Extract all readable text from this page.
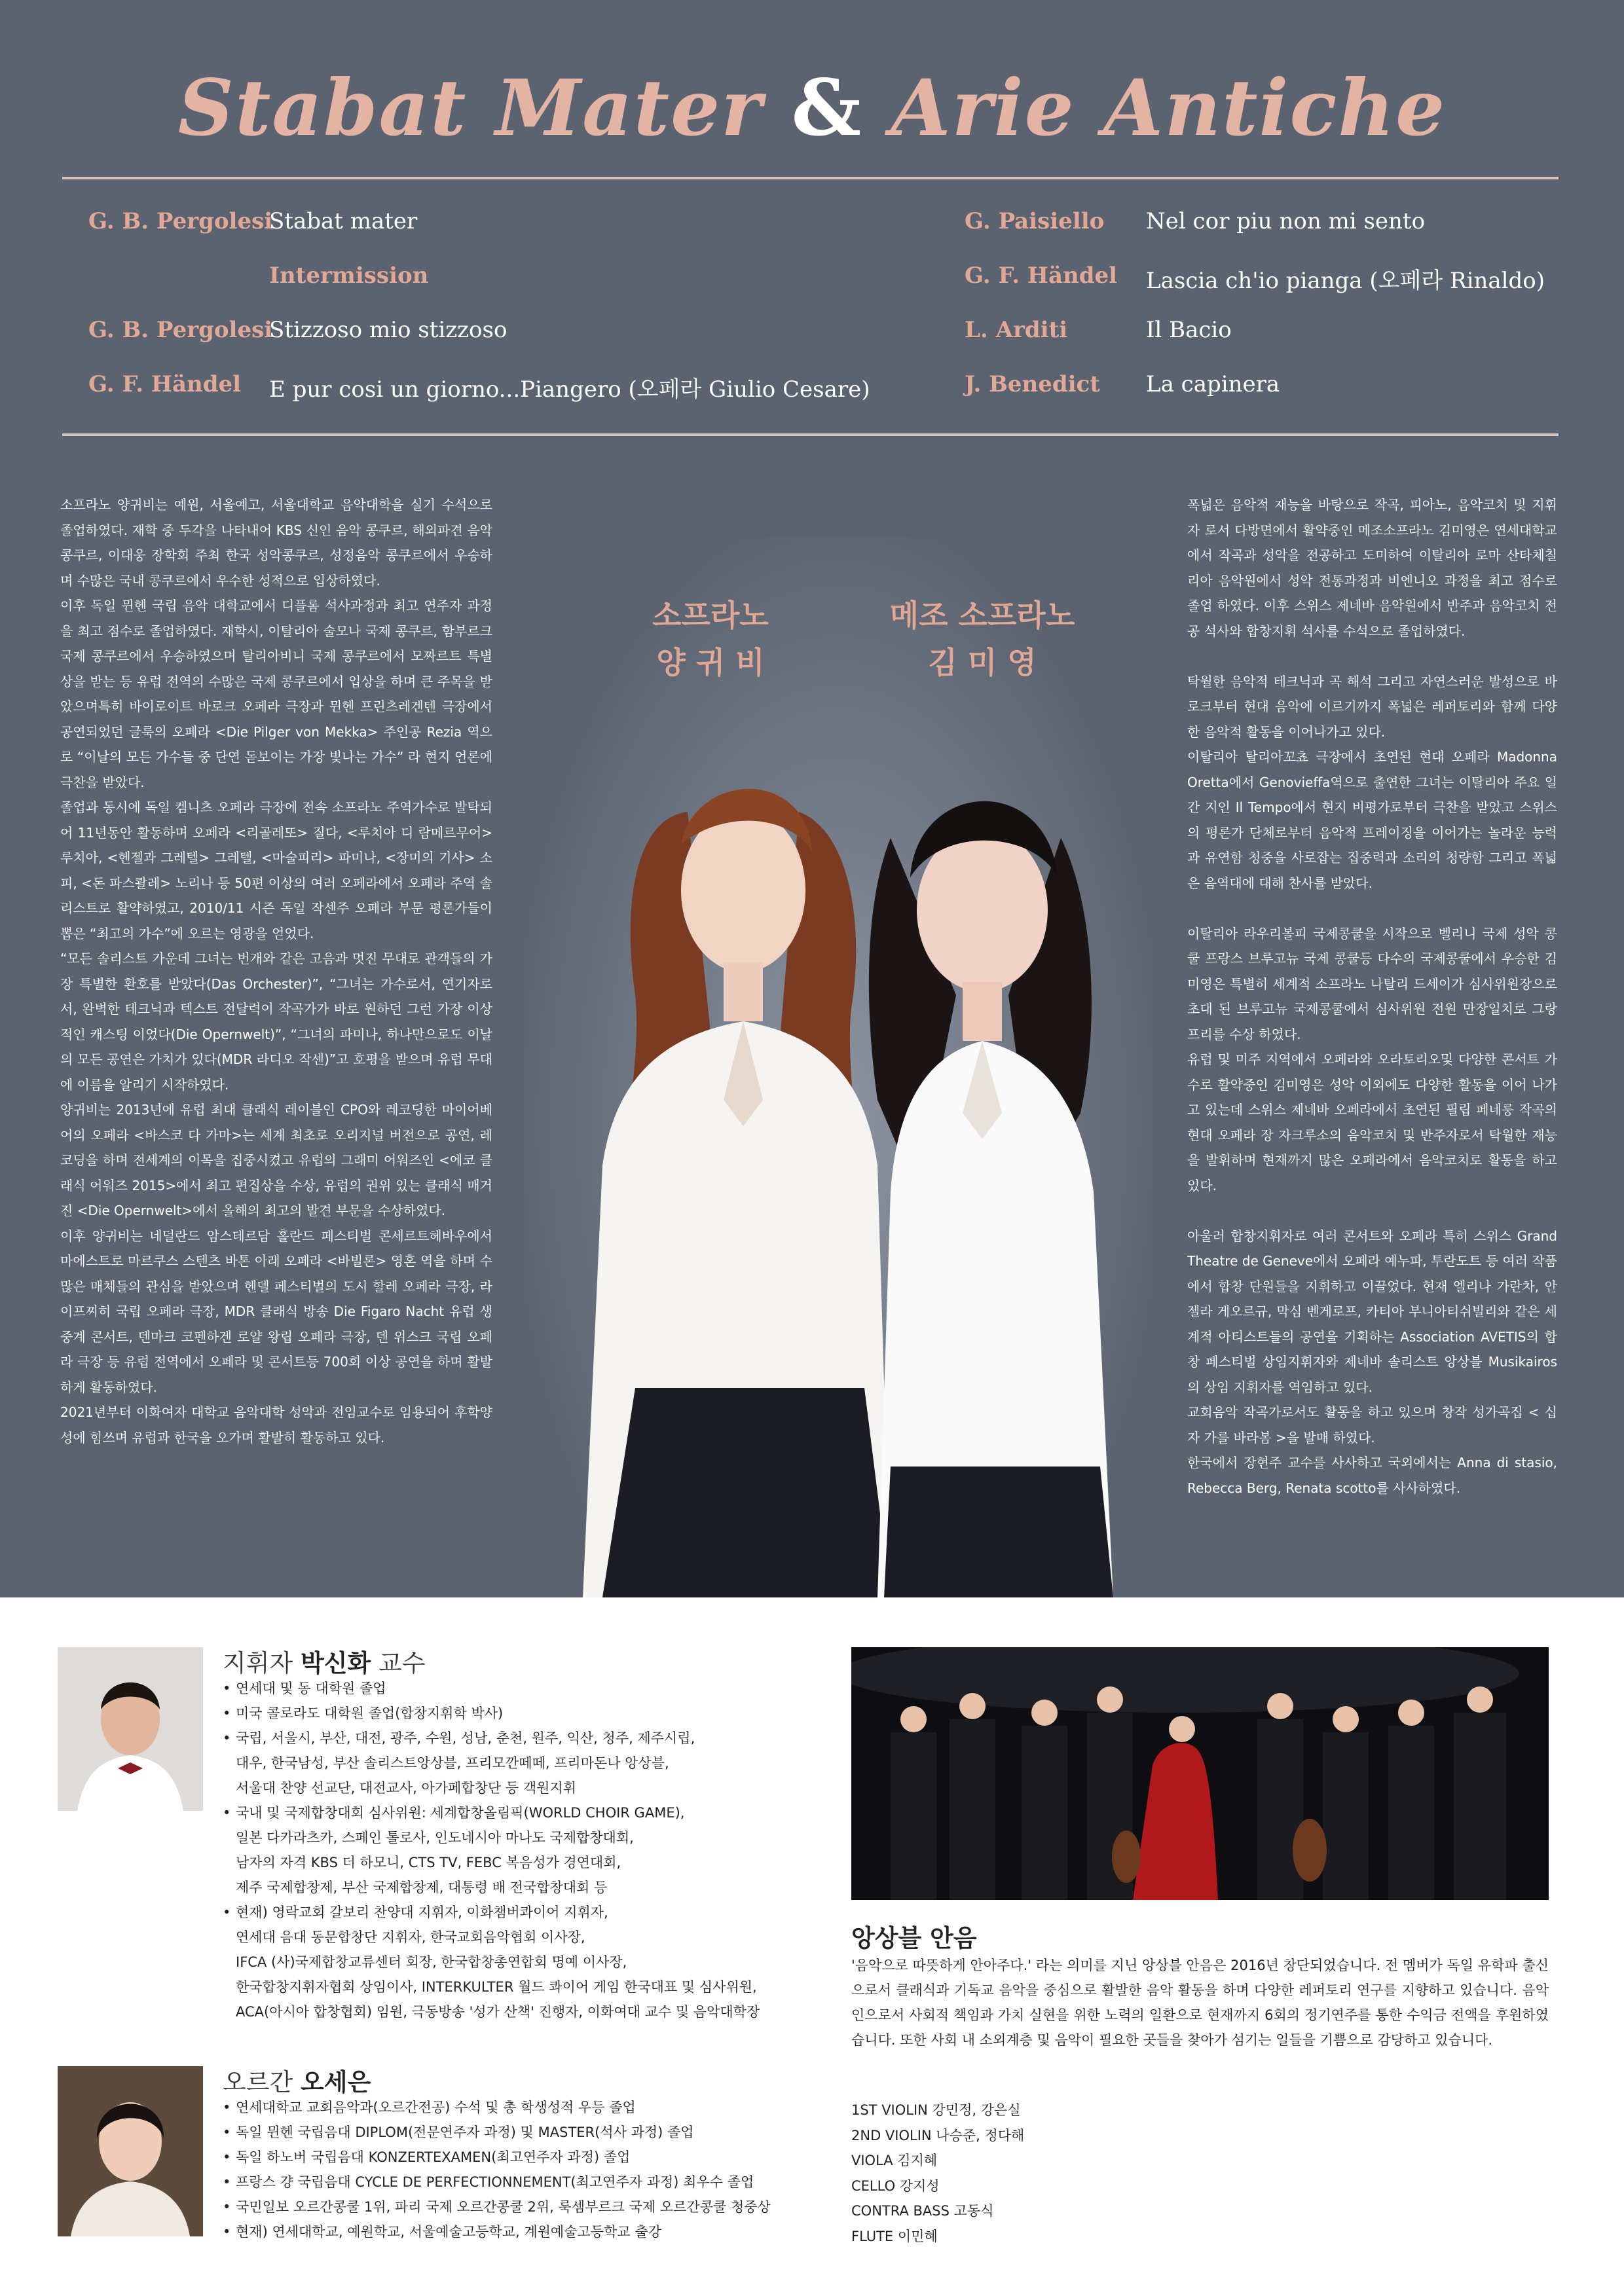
Stabat Mater & Arie Antiche
G. B. Pergolesi
Stabat mater
Intermission
G. B. Pergolesi
Stizzoso mio stizzoso
G. F. Händel E pur cosi un giorno...Piangero (오페라 Giulio Cesare)
G. Paisiello Nel cor piu non mi sento
G. F. Händel Lascia ch'io pianga (오페라 Rinaldo)
L. Arditi	Il Bacio
J. Benedict La capinera
소프라노
양 귀 비
메조 소프라노
김 미 영
소프라노 양귀비는 예원, 서울예고, 서울대학교 음악대학을 실기 수석으로 졸업하였다. 재학 중 두각을 나타내어 KBS 신인 음악 콩쿠르, 해외파견 음악 콩쿠르, 이대웅 장학회 주최 한국 성악콩쿠르, 성정음악 콩쿠르에서 우승하며 수많은 국내 콩쿠르에서 우수한 성적으로 입상하였다.
이후 독일 뮌헨 국립 음악 대학교에서 디플롬 석사과정과 최고 연주자 과정을 최고 점수로 졸업하였다. 재학시, 이탈리아 술모나 국제 콩쿠르, 함부르크 국제 콩쿠르에서 우승하였으며 탈리아비니 국제 콩쿠르에서 모짜르트 특별상을 받는 등 유럽 전역의 수많은 국제 콩쿠르에서 입상을 하며 큰 주목을 받았으며특히 바이로이트 바로크 오페라 극장과 뮌헨 프린츠레겐텐 극장에서 공연되었던 글룩의 오페라 <Die Pilger von Mekka> 주인공 Rezia 역으로 “이날의 모든 가수들 중 단연 돋보이는 가장 빛나는 가수” 라 현지 언론에 극찬을 받았다.
졸업과 동시에 독일 켐니츠 오페라 극장에 전속 소프라노 주역가수로 발탁되어 11년동안 활동하며 오페라 <리골레또> 질다, <루치아 디 람메르무어> 루치아, <헨젤과 그레텔> 그레텔, <마술피리> 파미나, <장미의 기사> 소피, <돈 파스콸레> 노리나 등 50편 이상의 여러 오페라에서 오페라 주역 솔리스트로 활약하였고, 2010/11 시즌 독일 작센주 오페라 부문 평론가들이 뽑은 “최고의 가수”에 오르는 영광을 얻었다.
“모든 솔리스트 가운데 그녀는 번개와 같은 고음과 멋진 무대로 관객들의 가장 특별한 환호를 받았다(Das Orchester)”, “그녀는 가수로서, 연기자로서, 완벽한 테크닉과 텍스트 전달력이 작곡가가 바로 원하던 그런 가장 이상적인 캐스팅 이었다(Die Opernwelt)”, “그녀의 파미나, 하나만으로도 이날의 모든 공연은 가치가 있다(MDR 라디오 작센)”고 호평을 받으며 유럽 무대에 이름을 알리기 시작하였다.
양귀비는 2013년에 유럽 최대 클래식 레이블인 CPO와 레코딩한 마이어베어의 오페라 <바스코 다 가마>는 세계 최초로 오리지널 버전으로 공연, 레코딩을 하며 전세계의 이목을 집중시켰고 유럽의 그래미 어워즈인 <에코 클래식 어워즈 2015>에서 최고 편집상을 수상, 유럽의 권위 있는 클래식 매거진 <Die Opernwelt>에서 올해의 최고의 발견 부문을 수상하였다.
이후 양귀비는 네덜란드 암스테르담 홀란드 페스티벌 콘세르트헤바우에서 마에스트로 마르쿠스 스텐츠 바톤 아래 오페라 <바빌론> 영혼 역을 하며 수 많은 매체들의 관심을 받았으며 헨델 페스티벌의 도시 할레 오페라 극장, 라이프찌히 국립 오페라 극장, MDR 클래식 방송 Die Figaro Nacht 유럽 생중계 콘서트, 덴마크 코펜하겐 로얄 왕립 오페라 극장, 덴 위스크 국립 오페라 극장 등 유럽 전역에서 오페라 및 콘서트등 700회 이상 공연을 하며 활발하게 활동하였다.
2021년부터 이화여자 대학교 음악대학 성악과 전임교수로 임용되어 후학양성에 힘쓰며 유럽과 한국을 오가며 활발히 활동하고 있다.
폭넓은 음악적 재능을 바탕으로 작곡, 피아노, 음악코치 및 지휘자 로서 다방면에서 활약중인 메조소프라노 김미영은 연세대학교에서 작곡과 성악을 전공하고 도미하여 이탈리아 로마 산타체칠리아 음악원에서 성악 전통과정과 비엔니오 과정을 최고 점수로 졸업 하였다. 이후 스위스 제네바 음악원에서 반주과 음악코치 전공 석사와 합창지휘 석사를 수석으로 졸업하였다.

탁월한 음악적 테크닉과 곡 해석 그리고 자연스러운 발성으로 바로크부터 현대 음악에 이르기까지 폭넓은 레퍼토리와 함께 다양한 음악적 활동을 이어나가고 있다.
이탈리아 탈리아꼬쵸 극장에서 초연된 현대 오페라 Madonna Oretta에서 Genovieffa역으로 출연한 그녀는 이탈리아 주요 일간 지인 Il Tempo에서 현지 비평가로부터 극찬을 받았고 스위스의 평론가 단체로부터 음악적 프레이징을 이어가는 놀라운 능력과 유연함 청중을 사로잡는 집중력과 소리의 청량함 그리고 폭넓은 음역대에 대해 찬사를 받았다.

이탈리아 라우리볼피 국제콩쿨을 시작으로 벨리니 국제 성악 콩쿨 프랑스 브루고뉴 국제 콩쿨등 다수의 국제콩쿨에서 우승한 김미영은 특별히 세계적 소프라노 나탈리 드세이가 심사위원장으로 초대 된 브루고뉴 국제콩쿨에서 심사위원 전원 만장일치로 그랑프리를 수상 하였다.
유럽 및 미주 지역에서 오페라와 오라토리오및 다양한 콘서트 가수로 활약중인 김미영은 성악 이외에도 다양한 활동을 이어 나가고 있는데 스위스 제네바 오페라에서 초연된 필립 페네룽 작곡의 현대 오페라 장 자크루소의 음악코치 및 반주자로서 탁월한 재능을 발휘하며 현재까지 많은 오페라에서 음악코치로 활동을 하고 있다.

아울러 합창지휘자로 여러 콘서트와 오페라 특히 스위스 Grand Theatre de Geneve에서 오페라 예누파, 투란도트 등 여러 작품에서 합창 단원들을 지휘하고 이끌었다. 현재 엘리나 가란차, 안젤라 게오르규, 막심 벤게로프, 카티아 부니아티쉬빌리와 같은 세계적 아티스트들의 공연을 기획하는 Association AVETIS의 합창 페스티벌 상임지휘자와 제네바 솔리스트 앙상블 Musikairos의 상임 지휘자를 역임하고 있다.
교회음악 작곡가로서도 활동을 하고 있으며 창작 성가곡집 < 십자 가를 바라봄 >을 발매 하였다.
한국에서 장현주 교수를 사사하고 국외에서는 Anna di stasio, Rebecca Berg, Renata scotto를 사사하였다.
지휘자 박신화 교수
• 연세대 및 동 대학원 졸업
• 미국 콜로라도 대학원 졸업(합창지휘학 박사)
• 국립, 서울시, 부산, 대전, 광주, 수원, 성남, 춘천, 원주, 익산, 청주, 제주시립,
대우, 한국남성, 부산 솔리스트앙상블, 프리모깐떼떼, 프리마돈나 앙상블,
서울대 찬양 선교단, 대전교사, 아가페합창단 등 객원지휘
• 국내 및 국제합창대회 심사위원: 세계합창올림픽(WORLD CHOIR GAME),
일본 다카라츠카, 스페인 톨로사, 인도네시아 마나도 국제합창대회,
남자의 자격 KBS 더 하모니, CTS TV, FEBC 복음성가 경연대회,
제주 국제합창제, 부산 국제합창제, 대통령 배 전국합창대회 등
• 현재) 영락교회 갈보리 찬양대 지휘자, 이화챔버콰이어 지휘자,
연세대 음대 동문합창단 지휘자, 한국교회음악협회 이사장,
IFCA (사)국제합창교류센터 회장, 한국합창총연합회 명예 이사장,
한국합창지휘자협회 상임이사, INTERKULTER 월드 콰이어 게임 한국대표 및 심사위원,
ACA(아시아 합창협회) 임원, 극동방송 '성가 산책' 진행자, 이화여대 교수 및 음악대학장
오르간 오세은
• 연세대학교 교회음악과(오르간전공) 수석 및 총 학생성적 우등 졸업
• 독일 뮌헨 국립음대 DIPLOM(전문연주자 과정) 및 MASTER(석사 과정) 졸업
• 독일 하노버 국립음대 KONZERTEXAMEN(최고연주자 과정) 졸업
• 프랑스 걍 국립음대 CYCLE DE PERFECTIONNEMENT(최고연주자 과정) 최우수 졸업
• 국민일보 오르간콩쿨 1위, 파리 국제 오르간콩쿨 2위, 룩셈부르크 국제 오르간콩쿨 청중상
• 현재) 연세대학교, 예원학교, 서울예술고등학교, 계원예술고등학교 출강
앙상블 안음
'음악으로 따뜻하게 안아주다.' 라는 의미를 지닌 앙상블 안음은 2016년 창단되었습니다. 전 멤버가 독일 유학파 출신으로서 클래식과 기독교 음악을 중심으로 활발한 음악 활동을 하며 다양한 레퍼토리 연구를 지향하고 있습니다. 음악인으로서 사회적 책임과 가치 실현을 위한 노력의 일환으로 현재까지 6회의 정기연주를 통한 수익금 전액을 후원하였습니다. 또한 사회 내 소외계층 및 음악이 필요한 곳들을 찾아가 섬기는 일들을 기쁨으로 감당하고 있습니다.
1ST VIOLIN 강민정, 강은실
2ND VIOLIN 나승준, 정다해
VIOLA 김지혜
CELLO 강지성
CONTRA BASS 고동식
FLUTE 이민혜
